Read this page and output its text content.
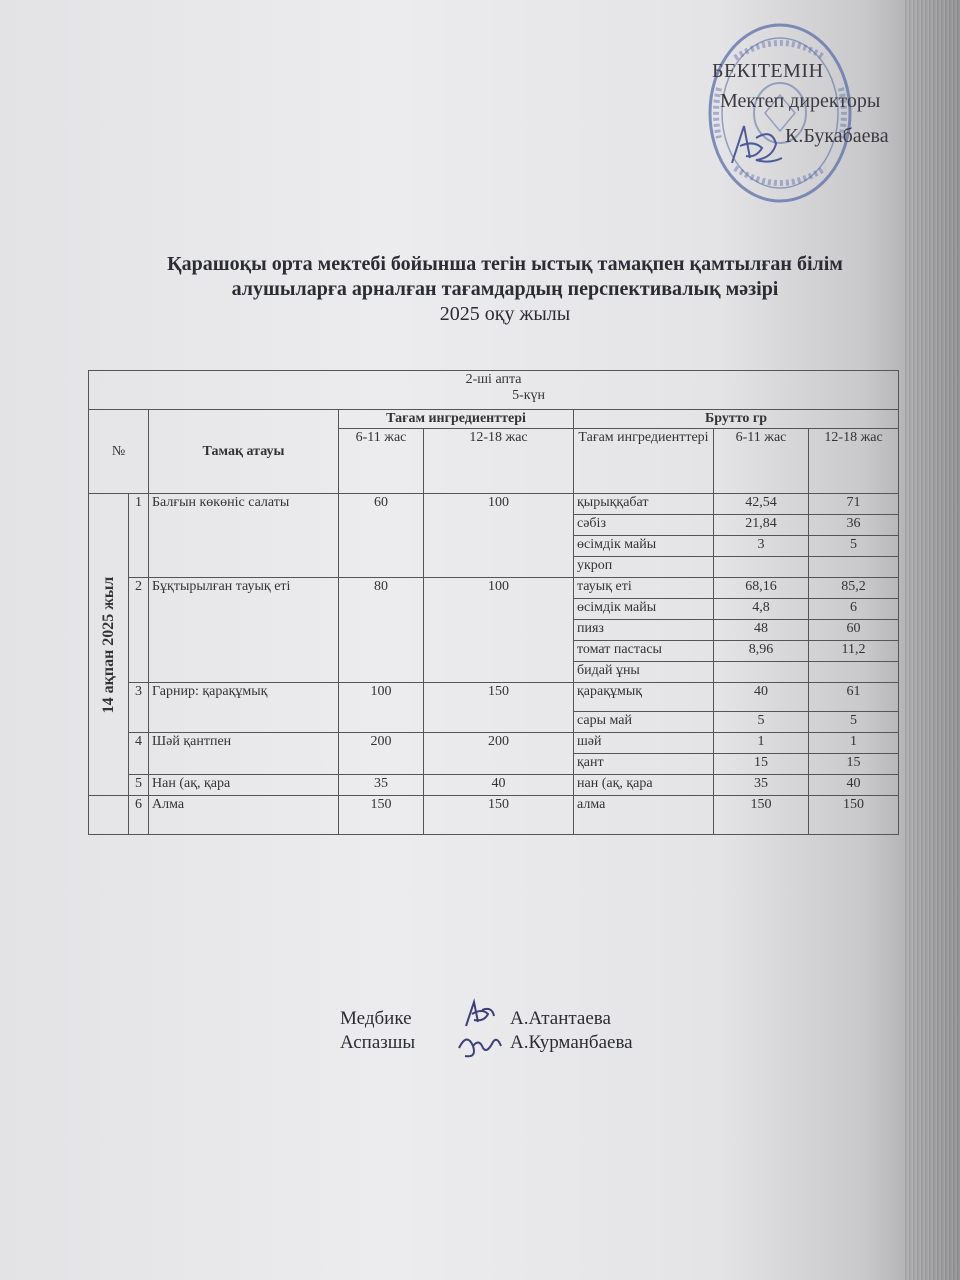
БЕКІТЕМІН
Мектеп директоры
К.Букабаева
Қарашоқы орта мектебі бойынша тегін ыстық тамақпен қамтылған білім
алушыларға арналған тағамдардың перспективалық мәзірі
2025 оқу жылы
2-ші апта
5-күн							

№		Тамақ атауы	Тағам ингредиенттері		Брутто гр		
			6-11 жас	12-18 жас	Тағам ингредиенттері	6-11 жас	12-18 жас

14 ақпан 2025 жыл	1	Балғын көкөніс салаты	60	100	қырыққабат	42,54	71
					сәбіз	21,84	36
					өсімдік майы	3	5
					укроп		
	2	Бұқтырылған тауық еті	80	100	тауық еті	68,16	85,2
					өсімдік майы	4,8	6
					пияз	48	60
					томат пастасы	8,96	11,2
					бидай ұны		
	3	Гарнир: қарақұмық	100	150	қарақұмық	40	61
					сары май	5	5
	4	Шәй қантпен	200	200	шәй	1	1
					қант	15	15
	5	Нан (ақ, қара	35	40	нан (ақ, қара	35	40
	6	Алма	150	150	алма	150	150
Медбике	А.Атантаева
Аспазшы	А.Курманбаева
